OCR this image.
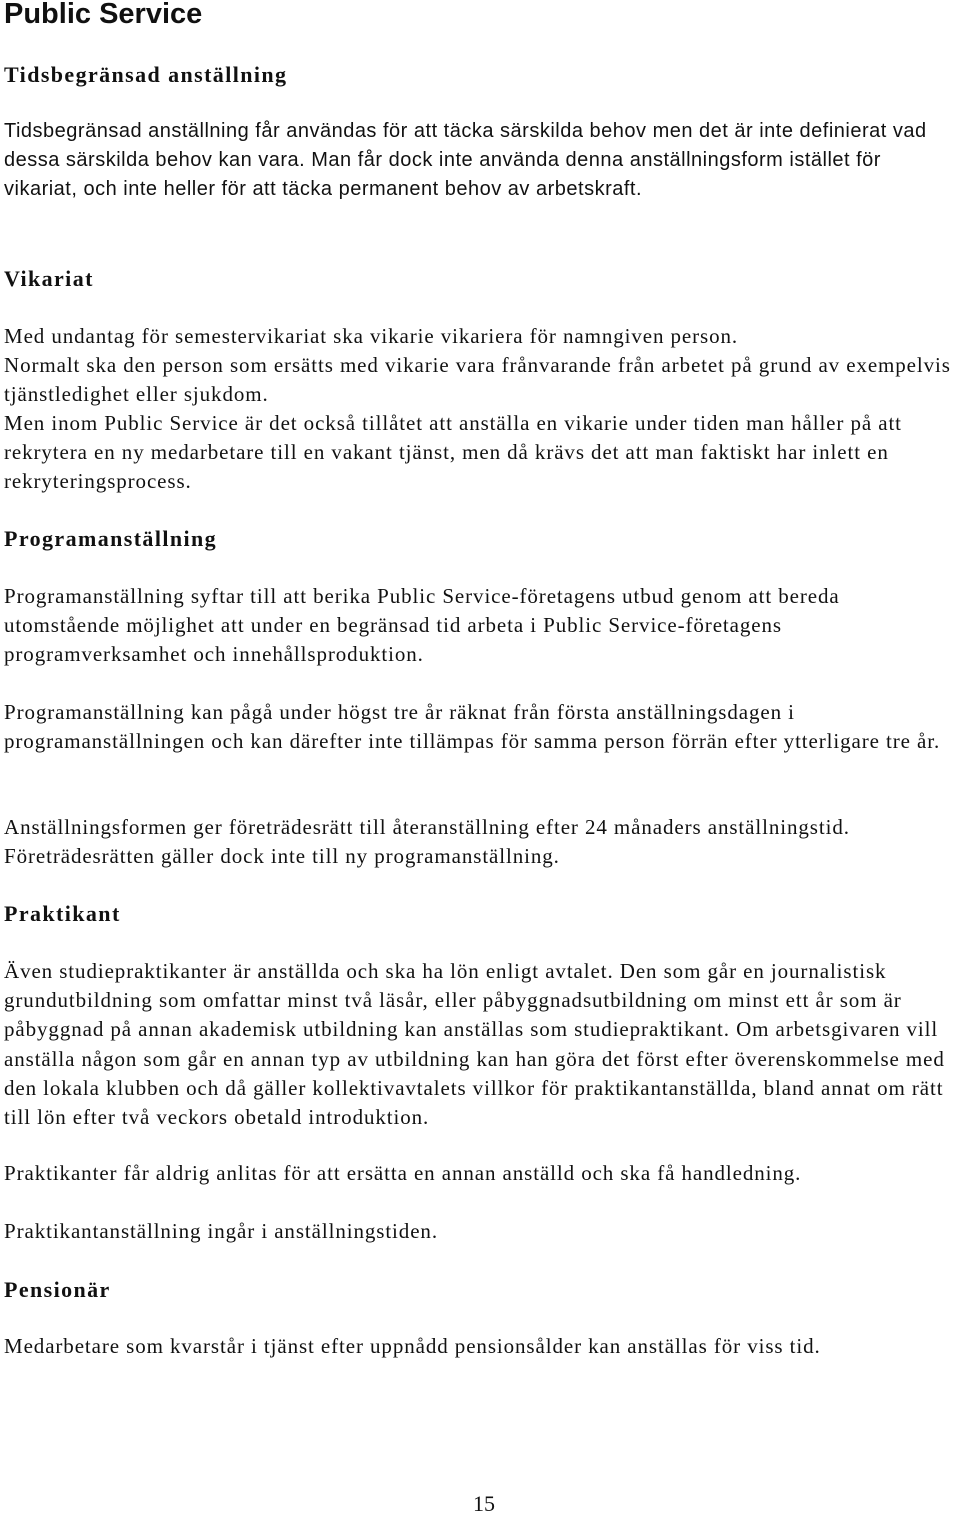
Public Service
Tidsbegränsad anställning

Tidsbegränsad anställning får användas för att täcka särskilda behov men det är inte definierat vad dessa särskilda behov kan vara. Man får dock inte använda denna anställningsform istället för vikariat, och inte heller för att täcka permanent behov av arbetskraft.

Vikariat

Med undantag för semestervikariat ska vikarie vikariera för namngiven person.

Normalt ska den person som ersätts med vikarie vara frånvarande från arbetet på grund av exempelvis tjänstledighet eller sjukdom.

Men inom Public Service är det också tillåtet att anställa en vikarie under tiden man håller på att rekrytera en ny medarbetare till en vakant tjänst, men då krävs det att man faktiskt har inlett en rekryteringsprocess.

Programanställning

Programanställning syftar till att berika Public Service-företagens utbud genom att bereda utomstående möjlighet att under en begränsad tid arbeta i Public Service-företagens programverksamhet och innehållsproduktion.

Programanställning kan pågå under högst tre år räknat från första anställningsdagen i programanställningen och kan därefter inte tillämpas för samma person förrän efter ytterligare tre år.

Anställningsformen ger företrädesrätt till återanställning efter 24 månaders anställningstid. Företrädesrätten gäller dock inte till ny programanställning.

Praktikant

Även studiepraktikanter är anställda och ska ha lön enligt avtalet. Den som går en journalistisk grundutbildning som omfattar minst två läsår, eller påbyggnadsutbildning om minst ett år som är påbyggnad på annan akademisk utbildning kan anställas som studiepraktikant. Om arbetsgivaren vill anställa någon som går en annan typ av utbildning kan han göra det först efter överenskommelse med den lokala klubben och då gäller kollektivavtalets villkor för praktikantanställda, bland annat om rätt till lön efter två veckors obetald introduktion.

Praktikanter får aldrig anlitas för att ersätta en annan anställd och ska få handledning.

Praktikantanställning ingår i anställningstiden.

Pensionär

Medarbetare som kvarstår i tjänst efter uppnådd pensionsålder kan anställas för viss tid.

15
